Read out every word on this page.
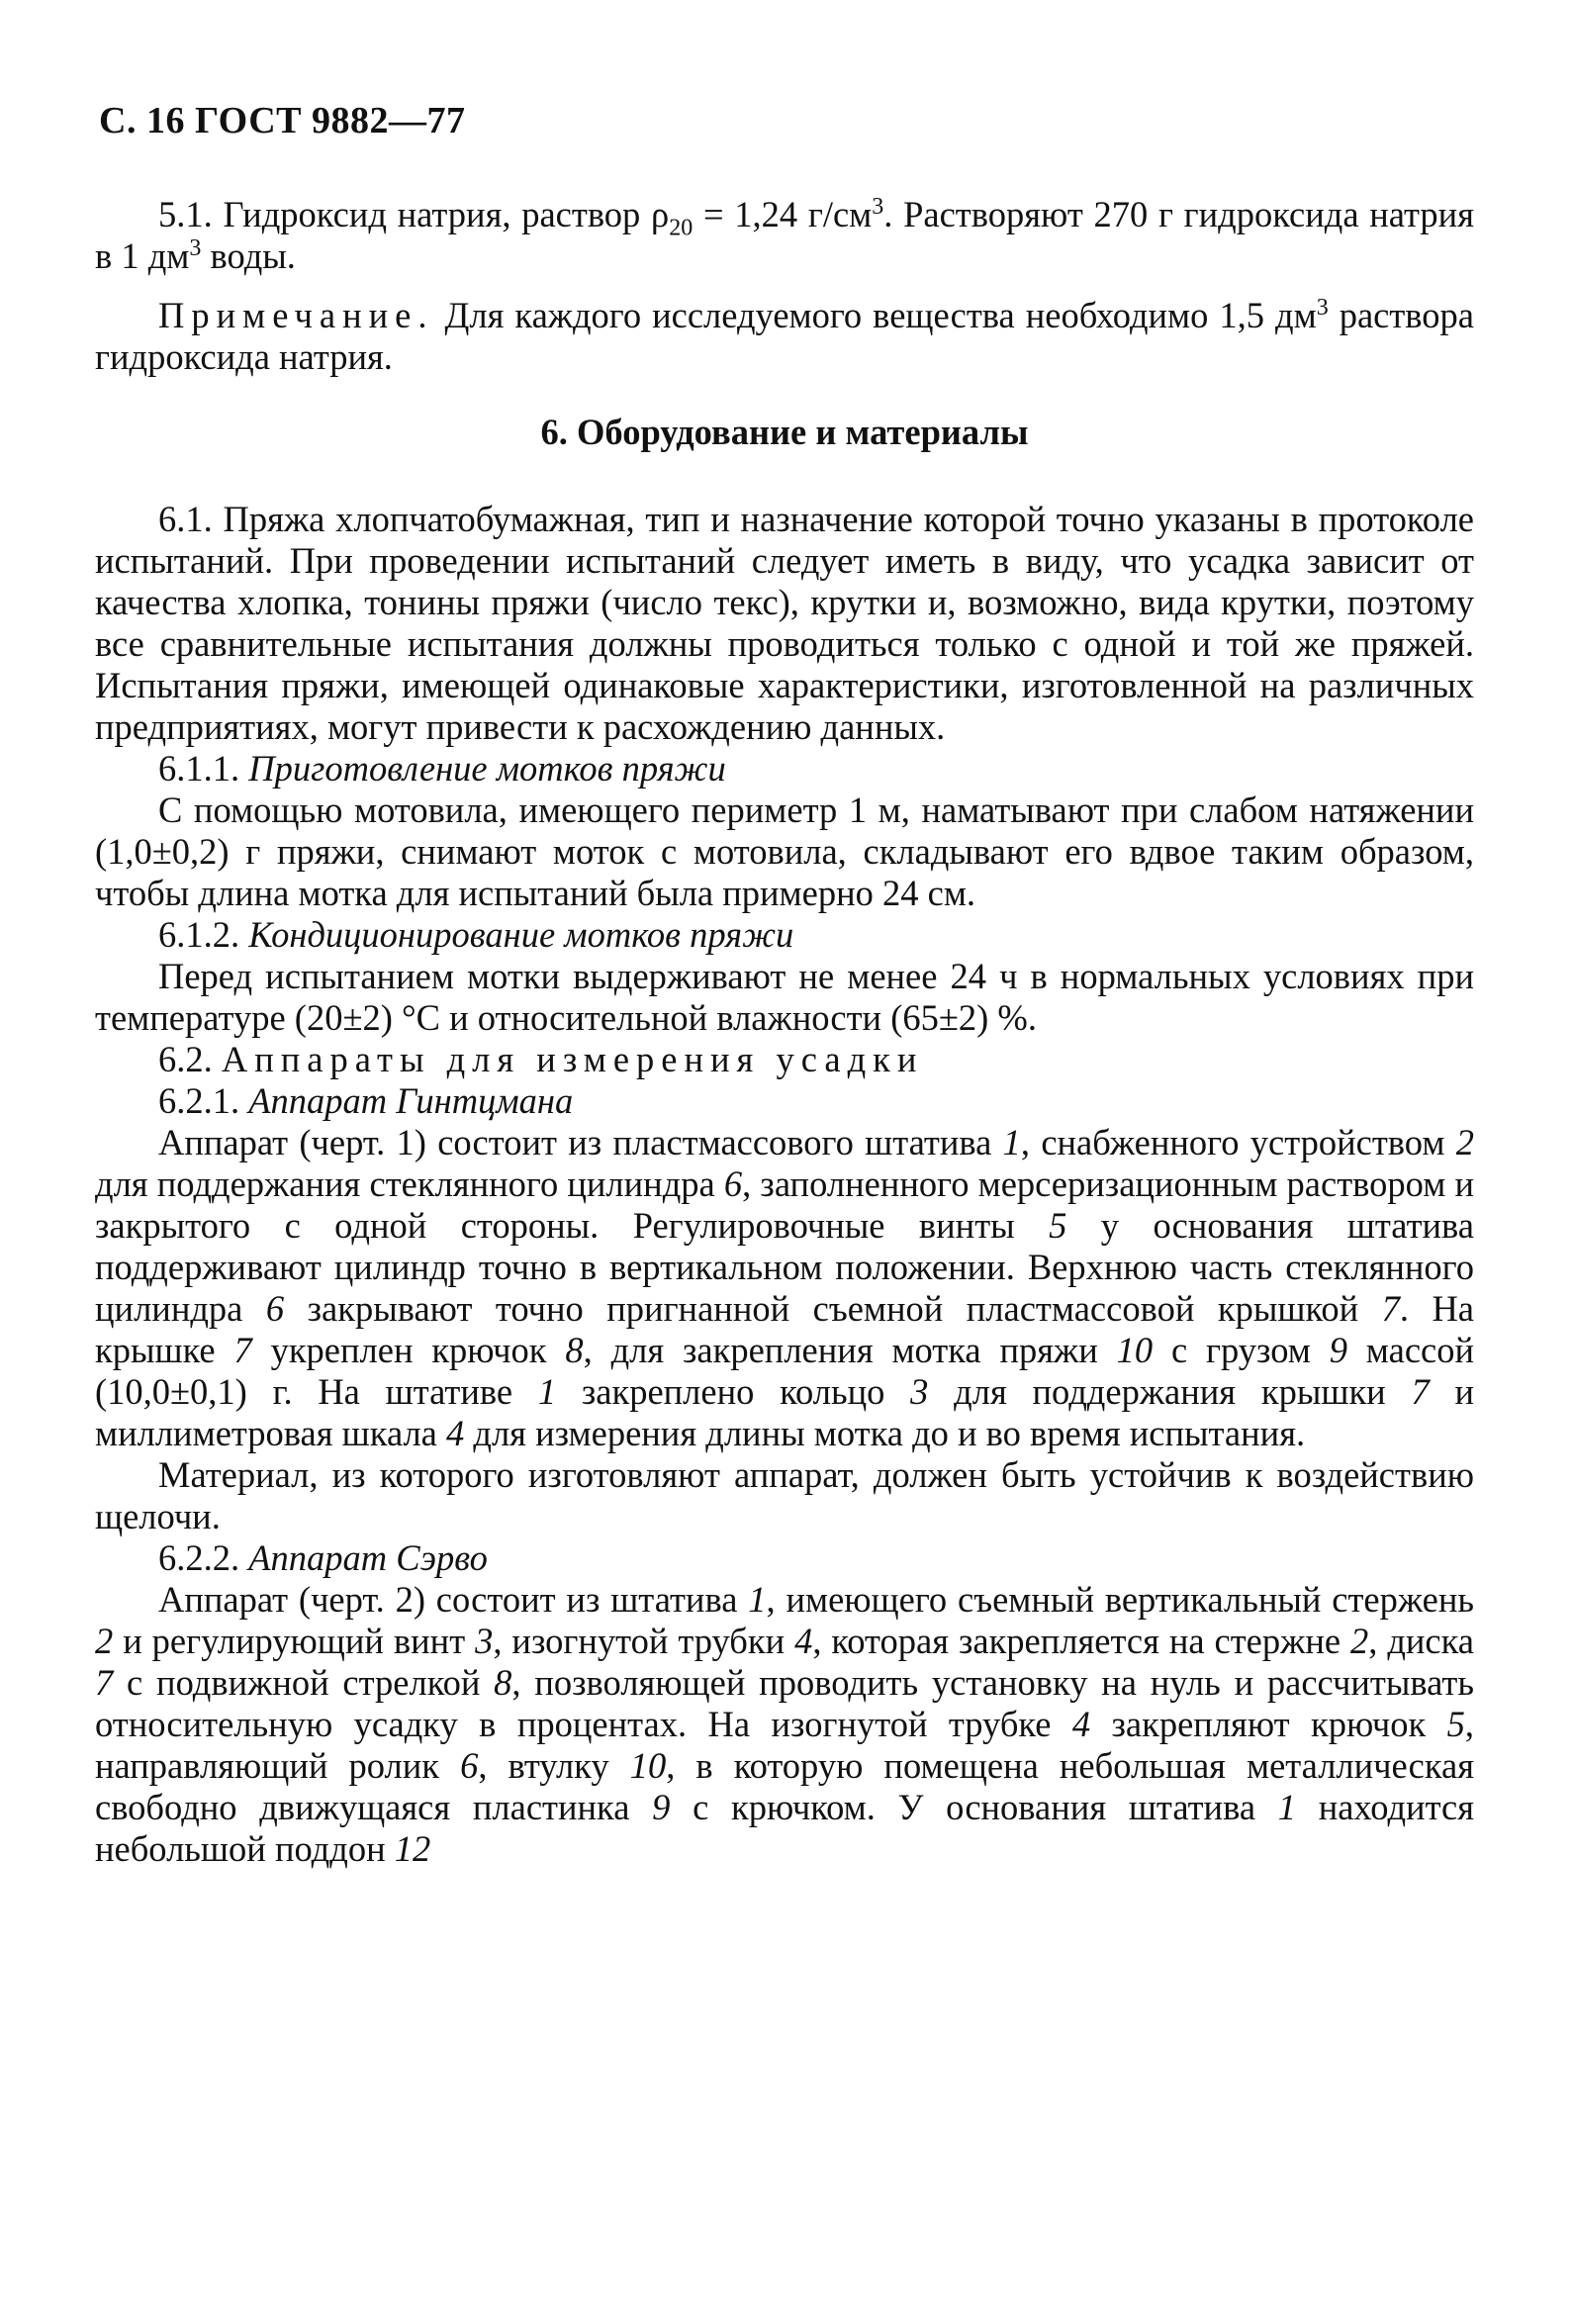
С. 16 ГОСТ 9882—77

5.1. Гидроксид натрия, раствор $\rho_{20} = 1,24$ $г/см^3$. Растворяют 270 г гидроксида натрия в 1 $дм^3$ воды.

Примечание. Для каждого исследуемого вещества необходимо 1,5 $дм^3$ раствора гидроксида натрия.

6. Оборудование и материалы

6.1. Пряжа хлопчатобумажная, тип и назначение которой точно указаны в протоколе испытаний. При проведении испытаний следует иметь в виду, что усадка зависит от качества хлопка, тонины пряжи (число текс), крутки и, возможно, вида крутки, поэтому все сравнительные испытания должны проводиться только с одной и той же пряжей. Испытания пряжи, имеющей одинаковые характеристики, изготовленной на различных предприятиях, могут привести к расхождению данных.

6.1.1. Приготовление мотков пряжи

С помощью мотовила, имеющего периметр 1 м, наматывают при слабом натяжении (1,0±0,2) г пряжи, снимают моток с мотовила, складывают его вдвое таким образом, чтобы длина мотка для испытаний была примерно 24 см.

6.1.2. Кондиционирование мотков пряжи

Перед испытанием мотки выдерживают не менее 24 ч в нормальных условиях при температуре (20±2) °С и относительной влажности (65±2) %.

6.2. Аппараты для измерения усадки

6.2.1. Аппарат Гинтцмана

Аппарат (черт. 1) состоит из пластмассового штатива 1, снабженного устройством 2 для поддержания стеклянного цилиндра 6, заполненного мерсеризационным раствором и закрытого с одной стороны. Регулировочные винты 5 у основания штатива поддерживают цилиндр точно в вертикальном положении. Верхнюю часть стеклянного цилиндра 6 закрывают точно пригнанной съемной пластмассовой крышкой 7. На крышке 7 укреплен крючок 8, для закрепления мотка пряжи 10 с грузом 9 массой (10,0±0,1) г. На штативе 1 закреплено кольцо 3 для поддержания крышки 7 и миллиметровая шкала 4 для измерения длины мотка до и во время испытания.

Материал, из которого изготовляют аппарат, должен быть устойчив к воздействию щелочи.

6.2.2. Аппарат Сэрво

Аппарат (черт. 2) состоит из штатива 1, имеющего съемный вертикальный стержень 2 и регулирующий винт 3, изогнутой трубки 4, которая закрепляется на стержне 2, диска 7 с подвижной стрелкой 8, позволяющей проводить установку на нуль и рассчитывать относительную усадку в процентах. На изогнутой трубке 4 закрепляют крючок 5, направляющий ролик 6, втулку 10, в которую помещена небольшая металлическая свободно движущаяся пластинка 9 с крючком. У основания штатива 1 находится небольшой поддон 12
